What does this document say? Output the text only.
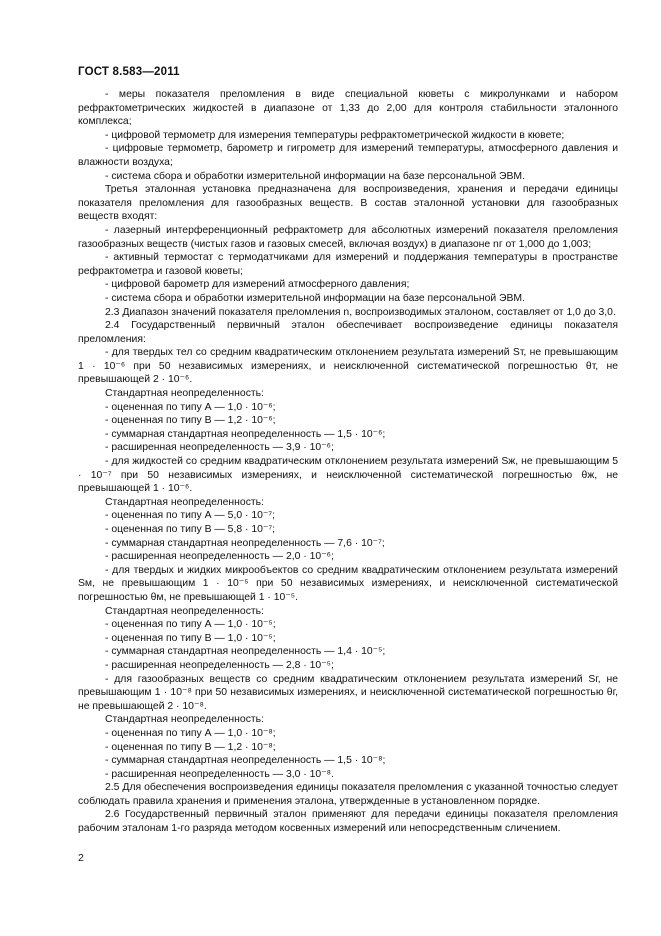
ГОСТ 8.583—2011

- меры показателя преломления в виде специальной кюветы с микролунками и набором рефрактометрических жидкостей в диапазоне от 1,33 до 2,00 для контроля стабильности эталонного комплекса;

- цифровой термометр для измерения температуры рефрактометрической жидкости в кювете;

- цифровые термометр, барометр и гигрометр для измерений температуры, атмосферного давления и влажности воздуха;

- система сбора и обработки измерительной информации на базе персональной ЭВМ.

Третья эталонная установка предназначена для воспроизведения, хранения и передачи единицы показателя преломления для газообразных веществ. В состав эталонной установки для газообразных веществ входят:

- лазерный интерференционный рефрактометр для абсолютных измерений показателя преломления газообразных веществ (чистых газов и газовых смесей, включая воздух) в диапазоне nг от 1,000 до 1,003;

- активный термостат с термодатчиками для измерений и поддержания температуры в пространстве рефрактометра и газовой кюветы;

- цифровой барометр для измерений атмосферного давления;

- система сбора и обработки измерительной информации на базе персональной ЭВМ.

2.3 Диапазон значений показателя преломления n, воспроизводимых эталоном, составляет от 1,0 до 3,0.

2.4 Государственный первичный эталон обеспечивает воспроизведение единицы показателя преломления:

- для твердых тел со средним квадратическим отклонением результата измерений Sт, не превышающим 1 · 10⁻⁶ при 50 независимых измерениях, и неисключенной систематической погрешностью θт, не превышающей 2 · 10⁻⁶.

Стандартная неопределенность:

- оцененная по типу А — 1,0 · 10⁻⁶;

- оцененная по типу В — 1,2 · 10⁻⁶;

- суммарная стандартная неопределенность — 1,5 · 10⁻⁶;

- расширенная неопределенность — 3,9 · 10⁻⁶;

- для жидкостей со средним квадратическим отклонением результата измерений Sж, не превышающим 5 · 10⁻⁷ при 50 независимых измерениях, и неисключенной систематической погрешностью θж, не превышающей 1 · 10⁻⁶.

Стандартная неопределенность:

- оцененная по типу А — 5,0 · 10⁻⁷;

- оцененная по типу В — 5,8 · 10⁻⁷;

- суммарная стандартная неопределенность — 7,6 · 10⁻⁷;

- расширенная неопределенность — 2,0 · 10⁻⁶;

- для твердых и жидких микрообъектов со средним квадратическим отклонением результата измерений Sм, не превышающим 1 · 10⁻⁵ при 50 независимых измерениях, и неисключенной систематической погрешностью θм, не превышающей 1 · 10⁻⁵.

Стандартная неопределенность:

- оцененная по типу А — 1,0 · 10⁻⁵;

- оцененная по типу В — 1,0 · 10⁻⁵;

- суммарная стандартная неопределенность — 1,4 · 10⁻⁵;

- расширенная неопределенность — 2,8 · 10⁻⁵;

- для газообразных веществ со средним квадратическим отклонением результата измерений Sг, не превышающим 1 · 10⁻⁸ при 50 независимых измерениях, и неисключенной систематической погрешностью θг, не превышающей 2 · 10⁻⁸.

Стандартная неопределенность:

- оцененная по типу А — 1,0 · 10⁻⁸;

- оцененная по типу В — 1,2 · 10⁻⁸;

- суммарная стандартная неопределенность — 1,5 · 10⁻⁸;

- расширенная неопределенность — 3,0 · 10⁻⁸.

2.5 Для обеспечения воспроизведения единицы показателя преломления с указанной точностью следует соблюдать правила хранения и применения эталона, утвержденные в установленном порядке.

2.6 Государственный первичный эталон применяют для передачи единицы показателя преломления рабочим эталонам 1-го разряда методом косвенных измерений или непосредственным сличением.

2
